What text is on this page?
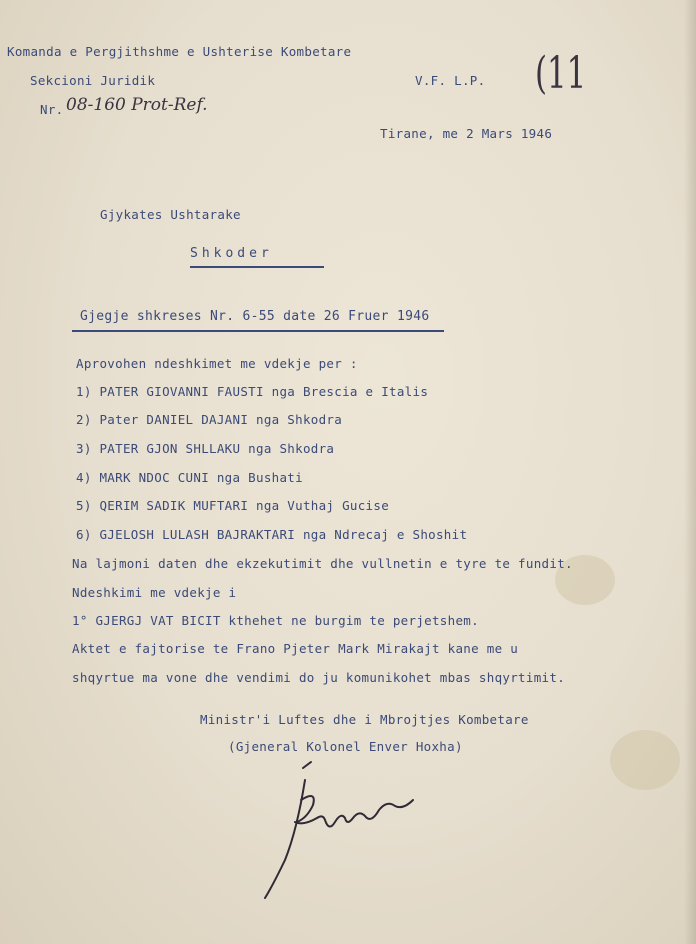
Komanda e Pergjithshme e Ushterise Kombetare
Sekcioni Juridik
Nr. 08-160 Prot-Ref.
V.F. L.P. (11
Tirane, me 2 Mars 1946
Gjykates Ushtarake
Shkoder
Gjegje shkreses Nr. 6-55 date 26 Fruer 1946
Aprovohen ndeshkimet me vdekje per :
1) PATER GIOVANNI FAUSTI nga Brescia e Italis
2) Pater DANIEL DAJANI nga Shkodra
3) PATER GJON SHLLAKU nga Shkodra
4) MARK NDOC CUNI nga Bushati
5) QERIM SADIK MUFTARI nga Vuthaj Gucise
6) GJELOSH LULASH BAJRAKTARI nga Ndrecaj e Shoshit
Na lajmoni daten dhe ekzekutimit dhe vullnetin e tyre te fundit.
Ndeshkimi me vdekje i
1° GJERGJ VAT BICIT kthehet ne burgim te perjetshem.
Aktet e fajtorise te Frano Pjeter Mark Mirakajt kane me u
shqyrtue ma vone dhe vendimi do ju komunikohet mbas shqyrtimit.
Ministr'i Luftes dhe i Mbrojtjes Kombetare
(Gjeneral Kolonel Enver Hoxha)
